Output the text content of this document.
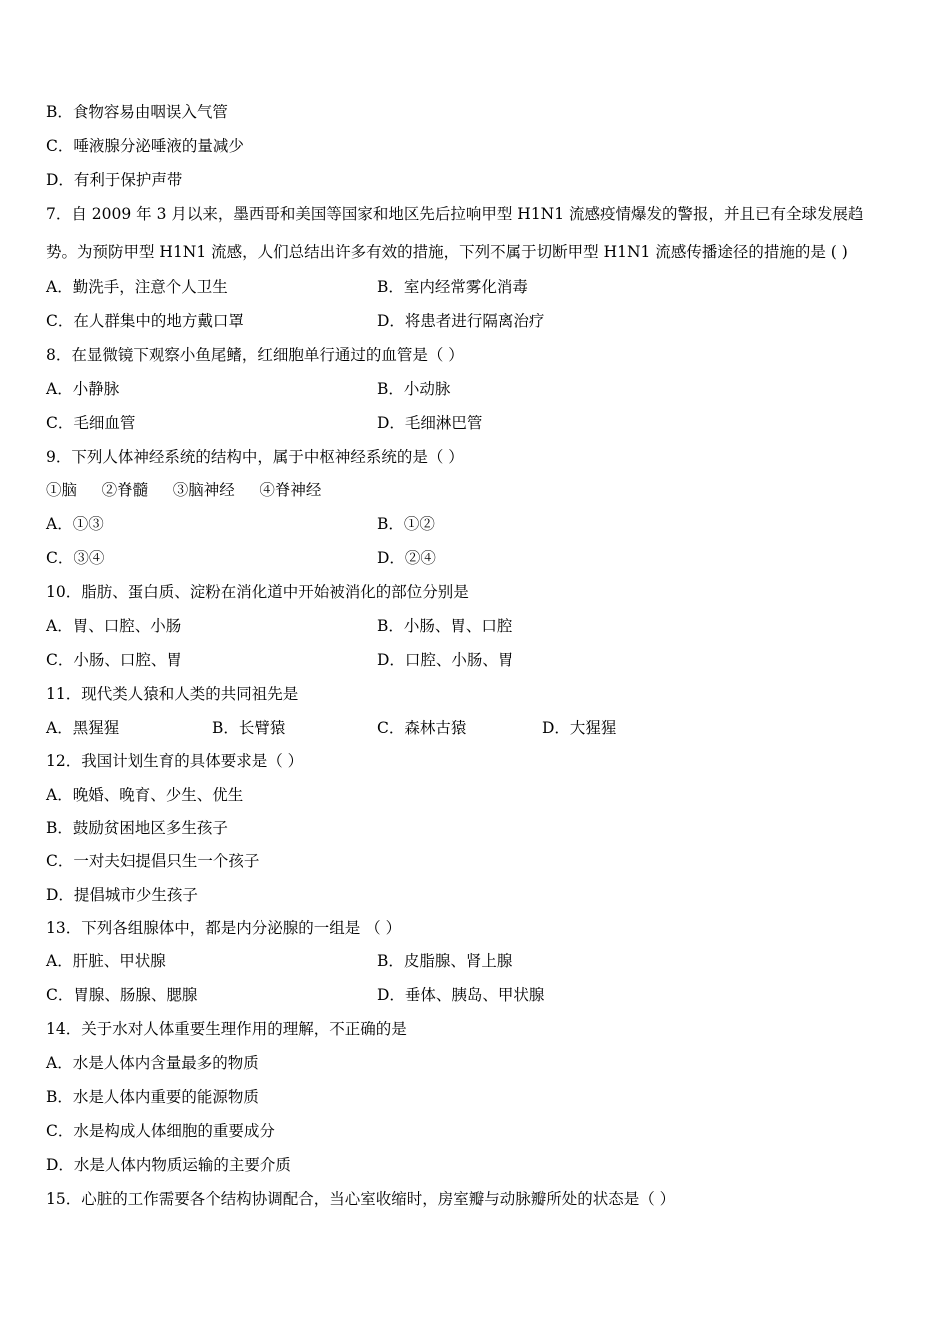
B．食物容易由咽误入气管
C．唾液腺分泌唾液的量减少
D．有利于保护声带
7．自 2009 年 3 月以来，墨西哥和美国等国家和地区先后拉响甲型 H1N1 流感疫情爆发的警报，并且已有全球发展趋
势。为预防甲型 H1N1 流感，人们总结出许多有效的措施，下列不属于切断甲型 H1N1 流感传播途径的措施的是 ( )
A．勤洗手，注意个人卫生	B．室内经常雾化消毒
C．在人群集中的地方戴口罩	D．将患者进行隔离治疗
8．在显微镜下观察小鱼尾鳍，红细胞单行通过的血管是（ ）
A．小静脉	B．小动脉
C．毛细血管	D．毛细淋巴管
9．下列人体神经系统的结构中，属于中枢神经系统的是（ ）
①脑     ②脊髓     ③脑神经     ④脊神经
A．①③	B．①②
C．③④	D．②④
10．脂肪、蛋白质、淀粉在消化道中开始被消化的部位分别是
A．胃、口腔、小肠	B．小肠、胃、口腔
C．小肠、口腔、胃	D．口腔、小肠、胃
11．现代类人猿和人类的共同祖先是
A．黑猩猩	B．长臂猿	C．森林古猿	D．大猩猩
12．我国计划生育的具体要求是（ ）
A．晚婚、晚育、少生、优生
B．鼓励贫困地区多生孩子
C．一对夫妇提倡只生一个孩子
D．提倡城市少生孩子
13．下列各组腺体中，都是内分泌腺的一组是 （ ）
A．肝脏、甲状腺	B．皮脂腺、肾上腺
C．胃腺、肠腺、腮腺	D．垂体、胰岛、甲状腺
14．关于水对人体重要生理作用的理解，不正确的是
A．水是人体内含量最多的物质
B．水是人体内重要的能源物质
C．水是构成人体细胞的重要成分
D．水是人体内物质运输的主要介质
15．心脏的工作需要各个结构协调配合，当心室收缩时，房室瓣与动脉瓣所处的状态是（ ）
